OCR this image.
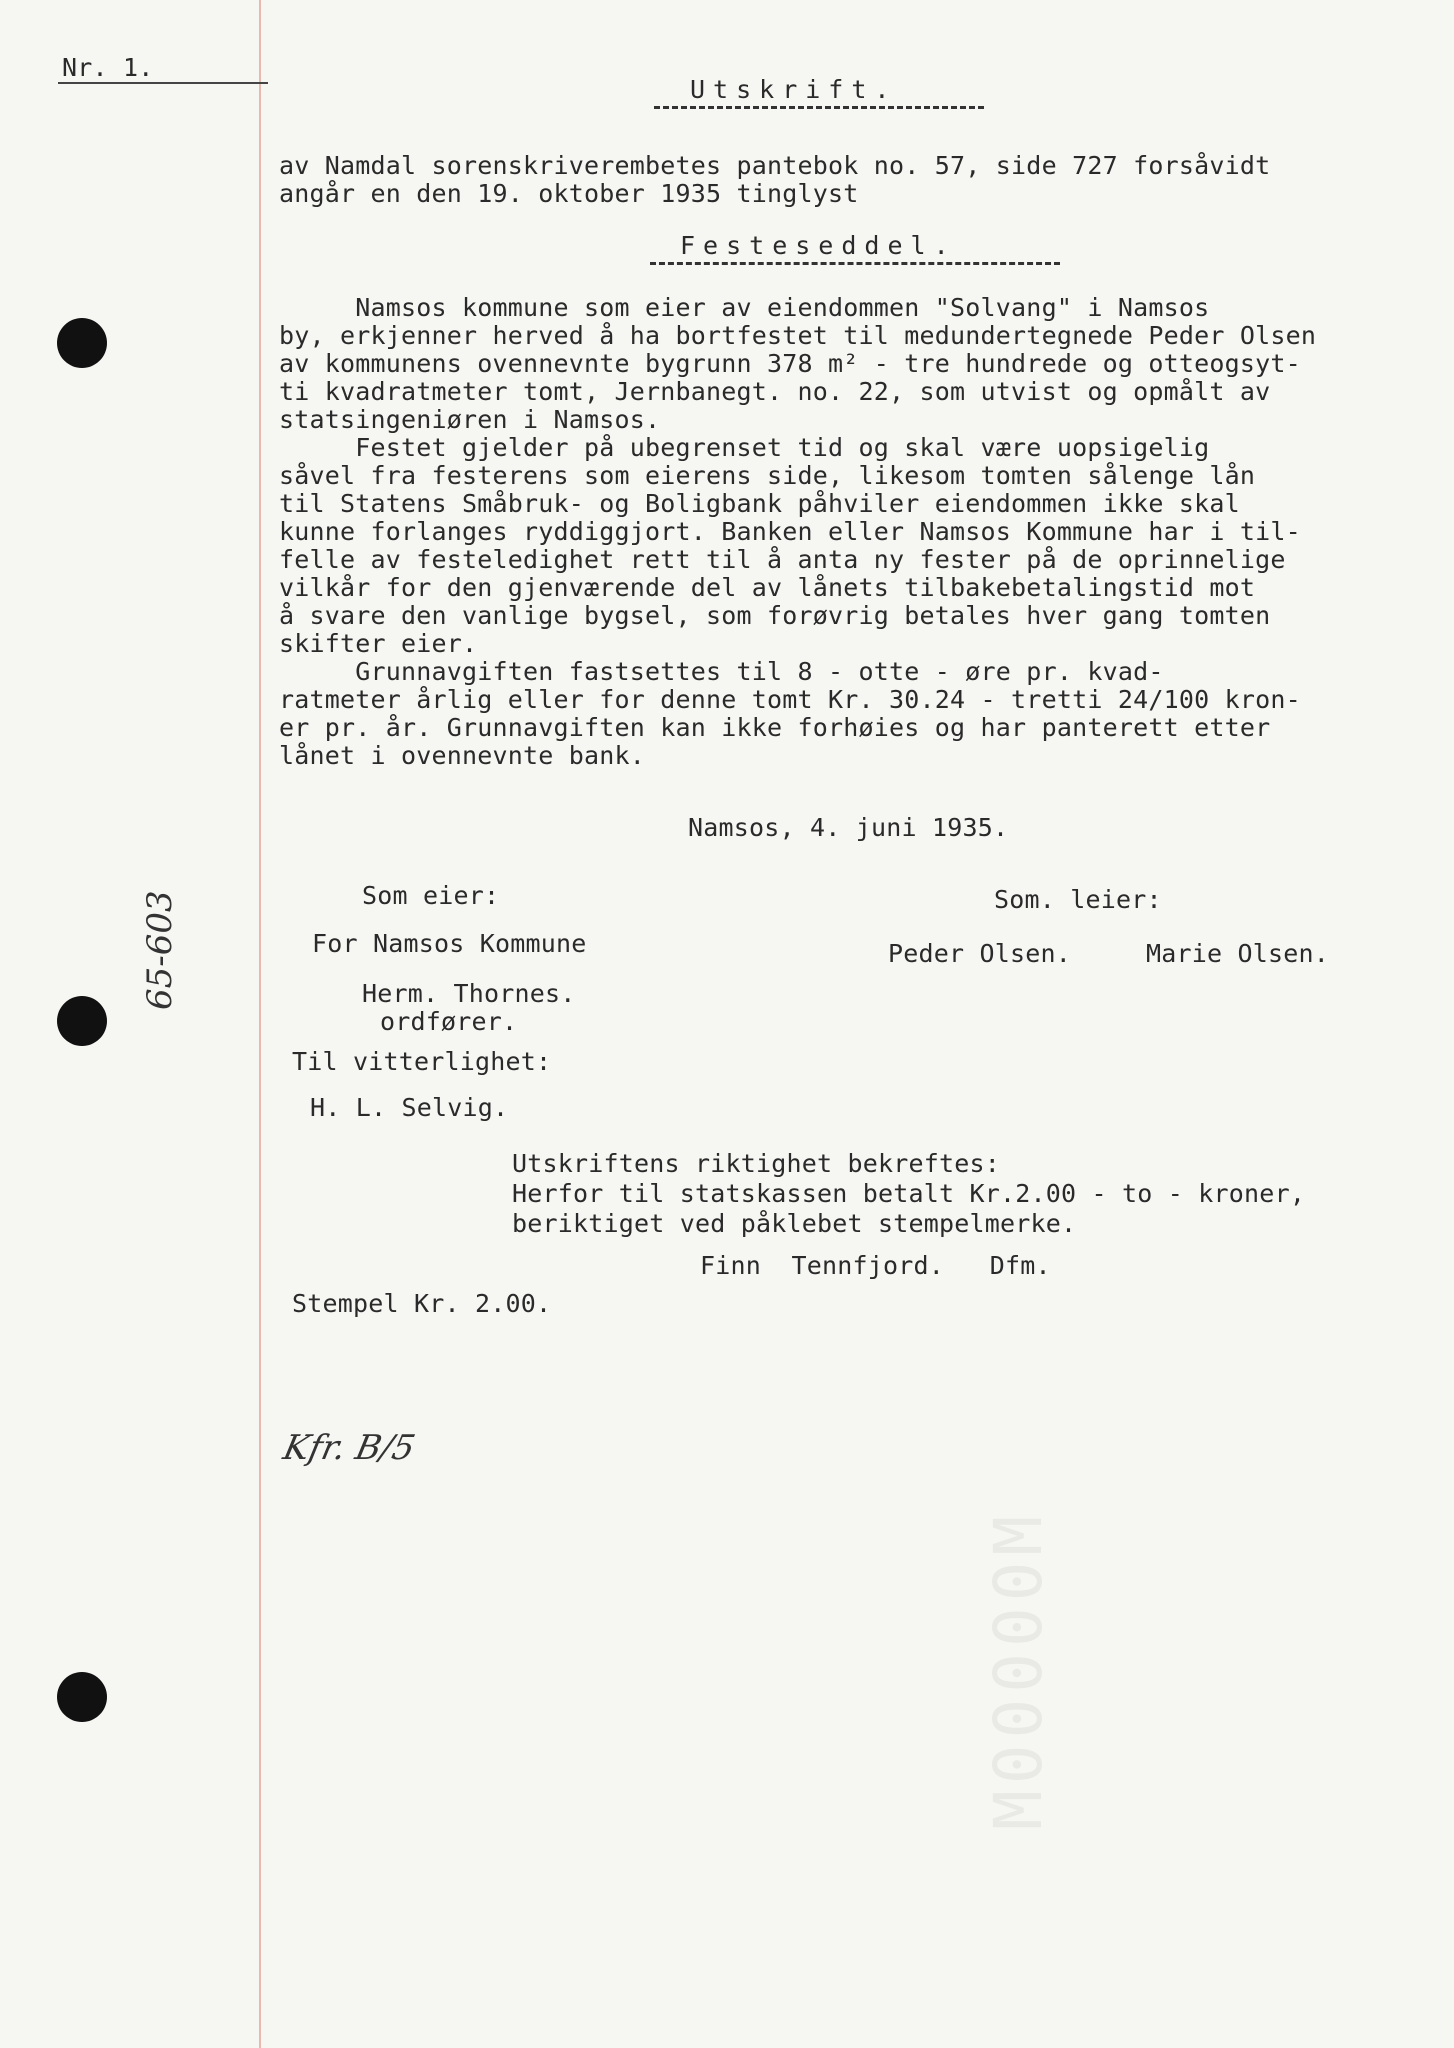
Nr. 1.
Utskrift.
av Namdal sorenskriverembetes pantebok no. 57, side 727 forsåvidt
angår en den 19. oktober 1935 tinglyst
Festeseddel.
Namsos kommune som eier av eiendommen "Solvang" i Namsos
by, erkjenner herved å ha bortfestet til medundertegnede Peder Olsen
av kommunens ovennevnte bygrunn 378 m² - tre hundrede og otteogsyt-
ti kvadratmeter tomt, Jernbanegt. no. 22, som utvist og opmålt av
statsingeniøren i Namsos.
Festet gjelder på ubegrenset tid og skal være uopsigelig
såvel fra festerens som eierens side, likesom tomten sålenge lån
til Statens Småbruk- og Boligbank påhviler eiendommen ikke skal
kunne forlanges ryddiggjort. Banken eller Namsos Kommune har i til-
felle av festeledighet rett til å anta ny fester på de oprinnelige
vilkår for den gjenværende del av lånets tilbakebetalingstid mot
å svare den vanlige bygsel, som forøvrig betales hver gang tomten
skifter eier.
Grunnavgiften fastsettes til 8 - otte - øre pr. kvad-
ratmeter årlig eller for denne tomt Kr. 30.24 - tretti 24/100 kron-
er pr. år. Grunnavgiften kan ikke forhøies og har panterett etter
lånet i ovennevnte bank.
Namsos, 4. juni 1935.
Som eier:
For Namsos Kommune
Herm. Thornes.
ordfører.
Som. leier:
Peder Olsen.	Marie Olsen.
Til vitterlighet:
H. L. Selvig.
Utskriftens riktighet bekreftes:
Herfor til statskassen betalt Kr.2.00 - to - kroner,
beriktiget ved påklebet stempelmerke.
Finn  Tennfjord.   Dfm.
Stempel Kr. 2.00.
65-603
Kfr. B/5
M00000M
